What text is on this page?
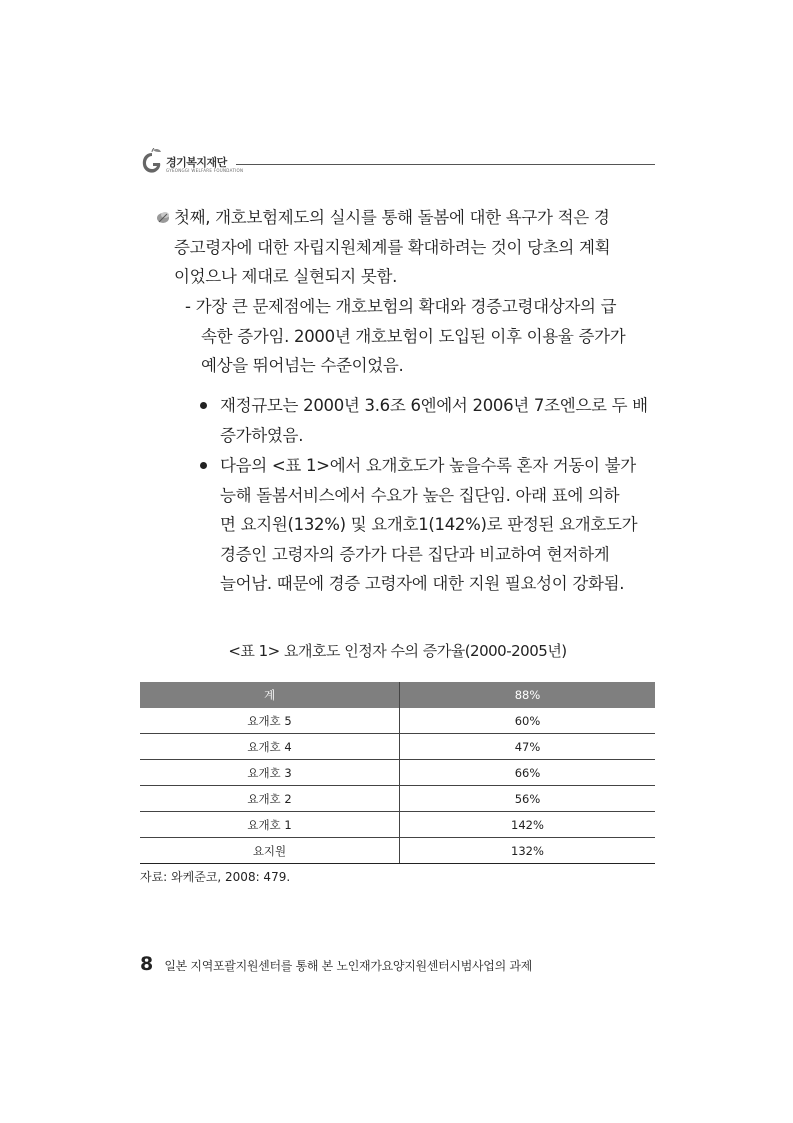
경기복지재단
GYEONGGI WELFARE FOUNDATION
첫째, 개호보험제도의 실시를 통해 돌봄에 대한 욕구가 적은 경
증고령자에 대한 자립지원체계를 확대하려는 것이 당초의 계획
이었으나 제대로 실현되지 못함.
- 가장 큰 문제점에는 개호보험의 확대와 경증고령대상자의 급
속한 증가임. 2000년 개호보험이 도입된 이후 이용율 증가가
예상을 뛰어넘는 수준이었음.
재정규모는 2000년 3.6조 6엔에서 2006년 7조엔으로 두 배
증가하였음.
다음의 <표 1>에서 요개호도가 높을수록 혼자 거동이 불가
능해 돌봄서비스에서 수요가 높은 집단임. 아래 표에 의하
면 요지원(132%) 및 요개호1(142%)로 판정된 요개호도가
경증인 고령자의 증가가 다른 집단과 비교하여 현저하게
늘어남. 때문에 경증 고령자에 대한 지원 필요성이 강화됨.
<표 1> 요개호도 인정자 수의 증가율(2000-2005년)
계	88%
요개호 5	60%
요개호 4	47%
요개호 3	66%
요개호 2	56%
요개호 1	142%
요지원	132%
자료: 와케준코, 2008: 479.
8 일본 지역포괄지원센터를 통해 본 노인재가요양지원센터시범사업의 과제
